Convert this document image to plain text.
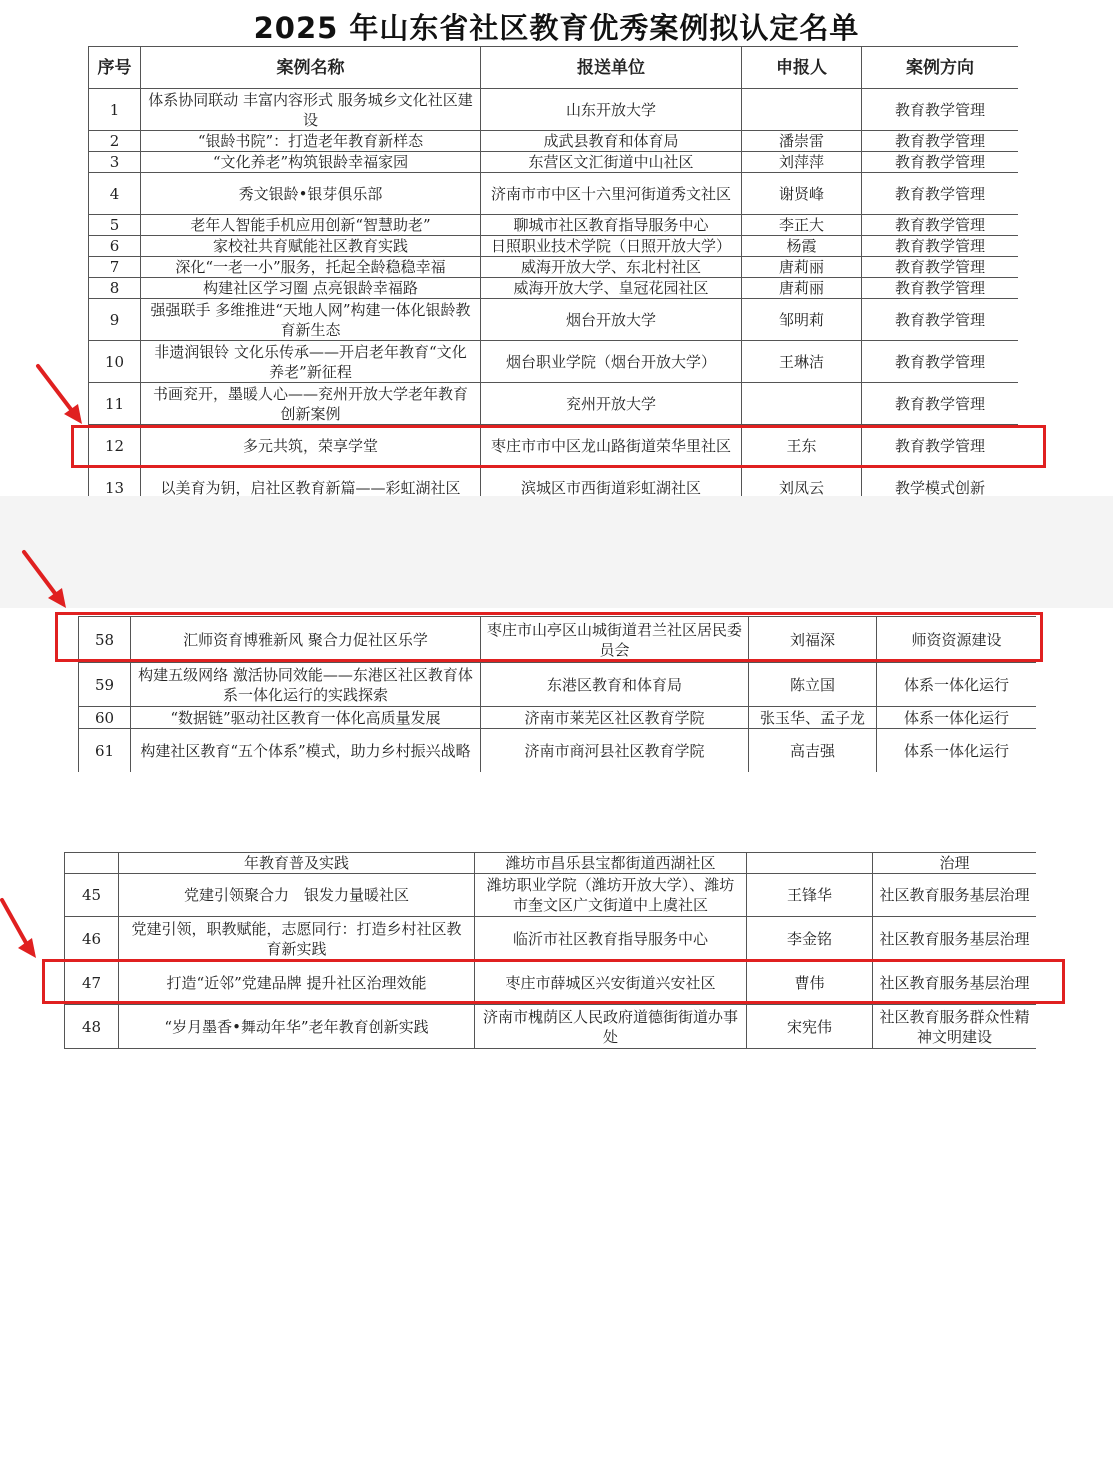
2025 年山东省社区教育优秀案例拟认定名单
序号	案例名称	报送单位	申报人	案例方向
1	体系协同联动 丰富内容形式 服务城乡文化社区建设	山东开放大学		教育教学管理
2	“银龄书院”：打造老年教育新样态	成武县教育和体育局	潘崇雷	教育教学管理
3	“文化养老”构筑银龄幸福家园	东营区文汇街道中山社区	刘萍萍	教育教学管理
4	秀文银龄•银芽俱乐部	济南市市中区十六里河街道秀文社区	谢贤峰	教育教学管理
5	老年人智能手机应用创新“智慧助老”	聊城市社区教育指导服务中心	李正大	教育教学管理
6	家校社共育赋能社区教育实践	日照职业技术学院（日照开放大学）	杨霞	教育教学管理
7	深化“一老一小”服务，托起全龄稳稳幸福	威海开放大学、东北村社区	唐莉丽	教育教学管理
8	构建社区学习圈 点亮银龄幸福路	威海开放大学、皇冠花园社区	唐莉丽	教育教学管理
9	强强联手 多维推进“天地人网”构建一体化银龄教育新生态	烟台开放大学	邹明莉	教育教学管理
10	非遗润银铃 文化乐传承——开启老年教育“文化养老”新征程	烟台职业学院（烟台开放大学）	王琳洁	教育教学管理
11	书画兖开，墨暖人心——兖州开放大学老年教育创新案例	兖州开放大学		教育教学管理
12	多元共筑，荣享学堂	枣庄市市中区龙山路街道荣华里社区	王东	教育教学管理
13	以美育为钥，启社区教育新篇——彩虹湖社区	滨城区市西街道彩虹湖社区	刘凤云	教学模式创新
58	汇师资育博雅新风 聚合力促社区乐学	枣庄市山亭区山城街道君兰社区居民委员会	刘福深	师资资源建设
59	构建五级网络 激活协同效能——东港区社区教育体系一体化运行的实践探索	东港区教育和体育局	陈立国	体系一体化运行
60	“数据链”驱动社区教育一体化高质量发展	济南市莱芜区社区教育学院	张玉华、孟子龙	体系一体化运行
61	构建社区教育“五个体系”模式，助力乡村振兴战略	济南市商河县社区教育学院	高吉强	体系一体化运行
	年教育普及实践	潍坊市昌乐县宝都街道西湖社区		治理
45	党建引领聚合力　银发力量暖社区	潍坊职业学院（潍坊开放大学）、潍坊市奎文区广文街道中上虞社区	王锋华	社区教育服务基层治理
46	党建引领，职教赋能，志愿同行：打造乡村社区教育新实践	临沂市社区教育指导服务中心	李金铭	社区教育服务基层治理
47	打造“近邻”党建品牌 提升社区治理效能	枣庄市薛城区兴安街道兴安社区	曹伟	社区教育服务基层治理
48	“岁月墨香•舞动年华”老年教育创新实践	济南市槐荫区人民政府道德街街道办事处	宋宪伟	社区教育服务群众性精神文明建设
